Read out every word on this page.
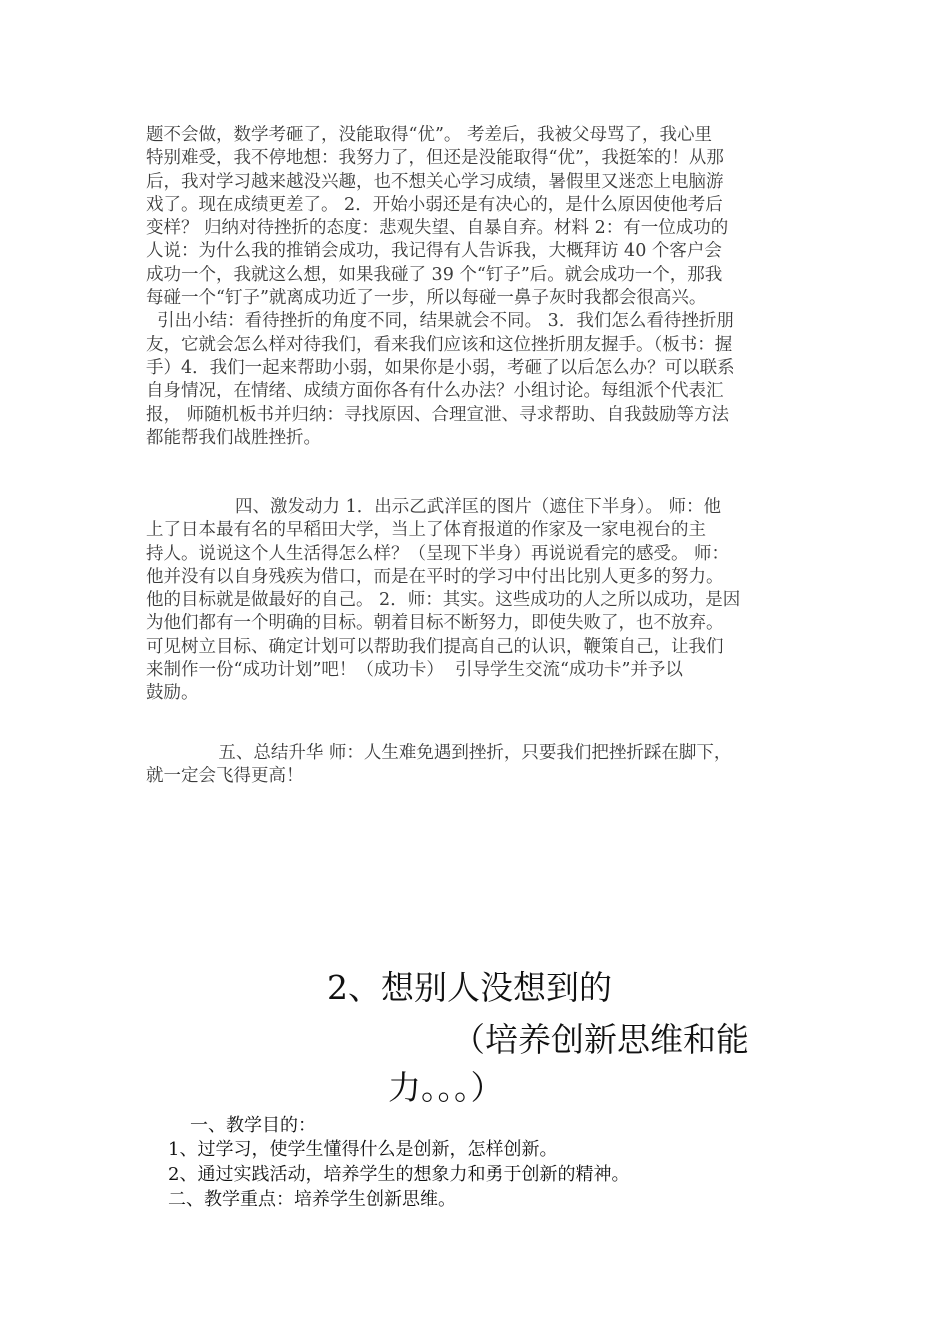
题不会做，数学考砸了，没能取得“优”。 考差后，我被父母骂了，我心里
特别难受，我不停地想：我努力了，但还是没能取得“优”，我挺笨的！从那
后，我对学习越来越没兴趣，也不想关心学习成绩，暑假里又迷恋上电脑游
戏了。现在成绩更差了。 2．开始小弱还是有决心的，是什么原因使他考后
变样？ 归纳对待挫折的态度：悲观失望、自暴自弃。材料 2：有一位成功的
人说：为什么我的推销会成功，我记得有人告诉我，大概拜访 40 个客户会
成功一个，我就这么想，如果我碰了 39 个“钉子”后。就会成功一个，那我
每碰一个“钉子”就离成功近了一步，所以每碰一鼻子灰时我都会很高兴。
引出小结：看待挫折的角度不同，结果就会不同。 3．我们怎么看待挫折朋
友，它就会怎么样对待我们，看来我们应该和这位挫折朋友握手。（板书：握
手）4．我们一起来帮助小弱，如果你是小弱，考砸了以后怎么办？可以联系
自身情况，在情绪、成绩方面你各有什么办法？小组讨论。每组派个代表汇
报， 师随机板书并归纳：寻找原因、合理宣泄、寻求帮助、自我鼓励等方法
都能帮我们战胜挫折。
四、激发动力 1．出示乙武洋匡的图片（遮住下半身）。 师：他
上了日本最有名的早稻田大学，当上了体育报道的作家及一家电视台的主
持人。说说这个人生活得怎么样？（呈现下半身）再说说看完的感受。 师：
他并没有以自身残疾为借口，而是在平时的学习中付出比别人更多的努力。
他的目标就是做最好的自己。 2．师：其实。这些成功的人之所以成功，是因
为他们都有一个明确的目标。朝着目标不断努力，即使失败了，也不放弃。
可见树立目标、确定计划可以帮助我们提高自己的认识，鞭策自己，让我们
来制作一份“成功计划”吧！（成功卡）  引导学生交流“成功卡”并予以
鼓励。
五、总结升华 师：人生难免遇到挫折，只要我们把挫折踩在脚下，
就一定会飞得更高！
2、想别人没想到的
（培养创新思维和能
力。。。）
一、教学目的：
1、过学习，使学生懂得什么是创新，怎样创新。
2、通过实践活动，培养学生的想象力和勇于创新的精神。
二、教学重点：培养学生创新思维。
